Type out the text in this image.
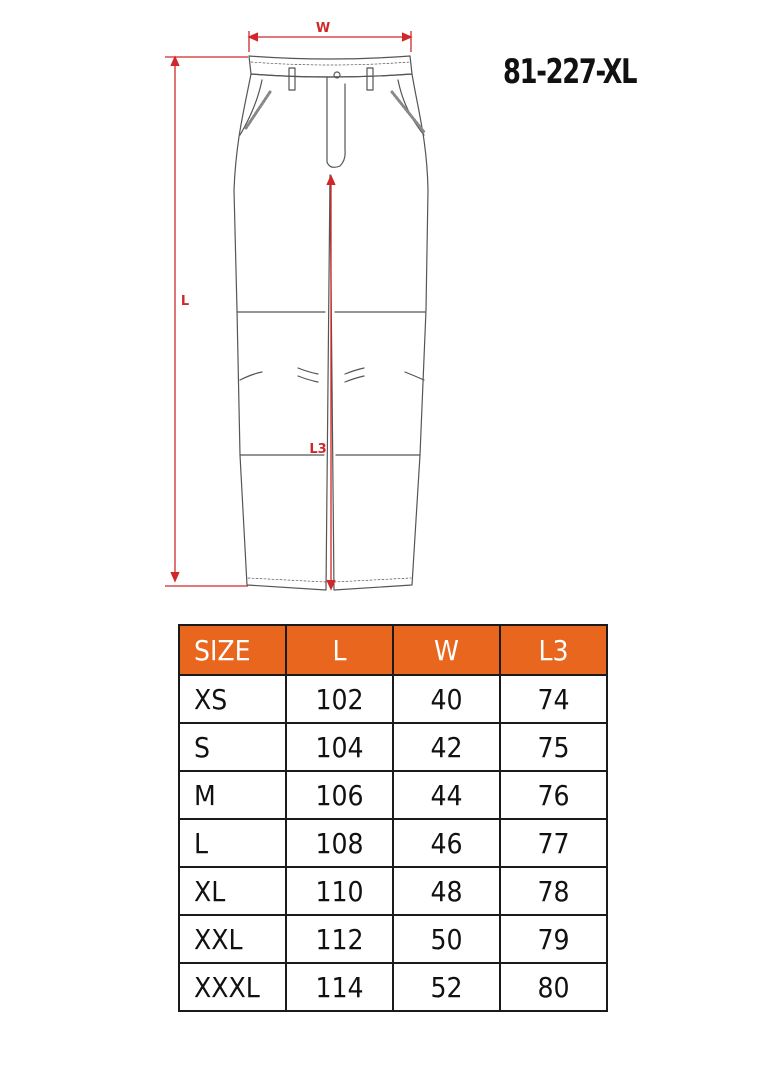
W
L
L3
81-227-XL
SIZE	L	W	L3
XS	102	40	74
S	104	42	75
M	106	44	76
L	108	46	77
XL	110	48	78
XXL	112	50	79
XXXL	114	52	80
